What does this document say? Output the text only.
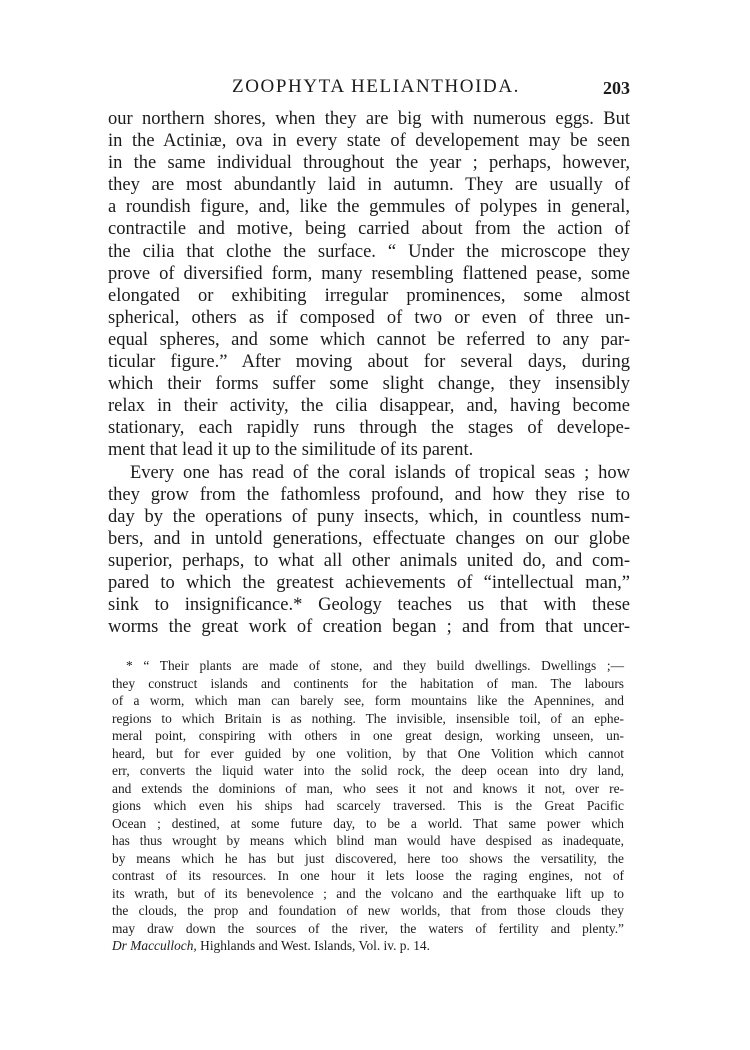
ZOOPHYTA HELIANTHOIDA.	203
our northern shores, when they are big with numerous eggs. But
in the Actiniæ, ova in every state of developement may be seen
in the same individual throughout the year ; perhaps, however,
they are most abundantly laid in autumn. They are usually of
a roundish figure, and, like the gemmules of polypes in general,
contractile and motive, being carried about from the action of
the cilia that clothe the surface. “ Under the microscope they
prove of diversified form, many resembling flattened pease, some
elongated or exhibiting irregular prominences, some almost
spherical, others as if composed of two or even of three un-
equal spheres, and some which cannot be referred to any par-
ticular figure.” After moving about for several days, during
which their forms suffer some slight change, they insensibly
relax in their activity, the cilia disappear, and, having become
stationary, each rapidly runs through the stages of develope-
ment that lead it up to the similitude of its parent.
Every one has read of the coral islands of tropical seas ; how
they grow from the fathomless profound, and how they rise to
day by the operations of puny insects, which, in countless num-
bers, and in untold generations, effectuate changes on our globe
superior, perhaps, to what all other animals united do, and com-
pared to which the greatest achievements of “intellectual man,”
sink to insignificance.* Geology teaches us that with these
worms the great work of creation began ; and from that uncer-
* “ Their plants are made of stone, and they build dwellings. Dwellings ;—
they construct islands and continents for the habitation of man. The labours
of a worm, which man can barely see, form mountains like the Apennines, and
regions to which Britain is as nothing. The invisible, insensible toil, of an ephe-
meral point, conspiring with others in one great design, working unseen, un-
heard, but for ever guided by one volition, by that One Volition which cannot
err, converts the liquid water into the solid rock, the deep ocean into dry land,
and extends the dominions of man, who sees it not and knows it not, over re-
gions which even his ships had scarcely traversed. This is the Great Pacific
Ocean ; destined, at some future day, to be a world. That same power which
has thus wrought by means which blind man would have despised as inadequate,
by means which he has but just discovered, here too shows the versatility, the
contrast of its resources. In one hour it lets loose the raging engines, not of
its wrath, but of its benevolence ; and the volcano and the earthquake lift up to
the clouds, the prop and foundation of new worlds, that from those clouds they
may draw down the sources of the river, the waters of fertility and plenty.”
Dr Macculloch, Highlands and West. Islands, Vol. iv. p. 14.
